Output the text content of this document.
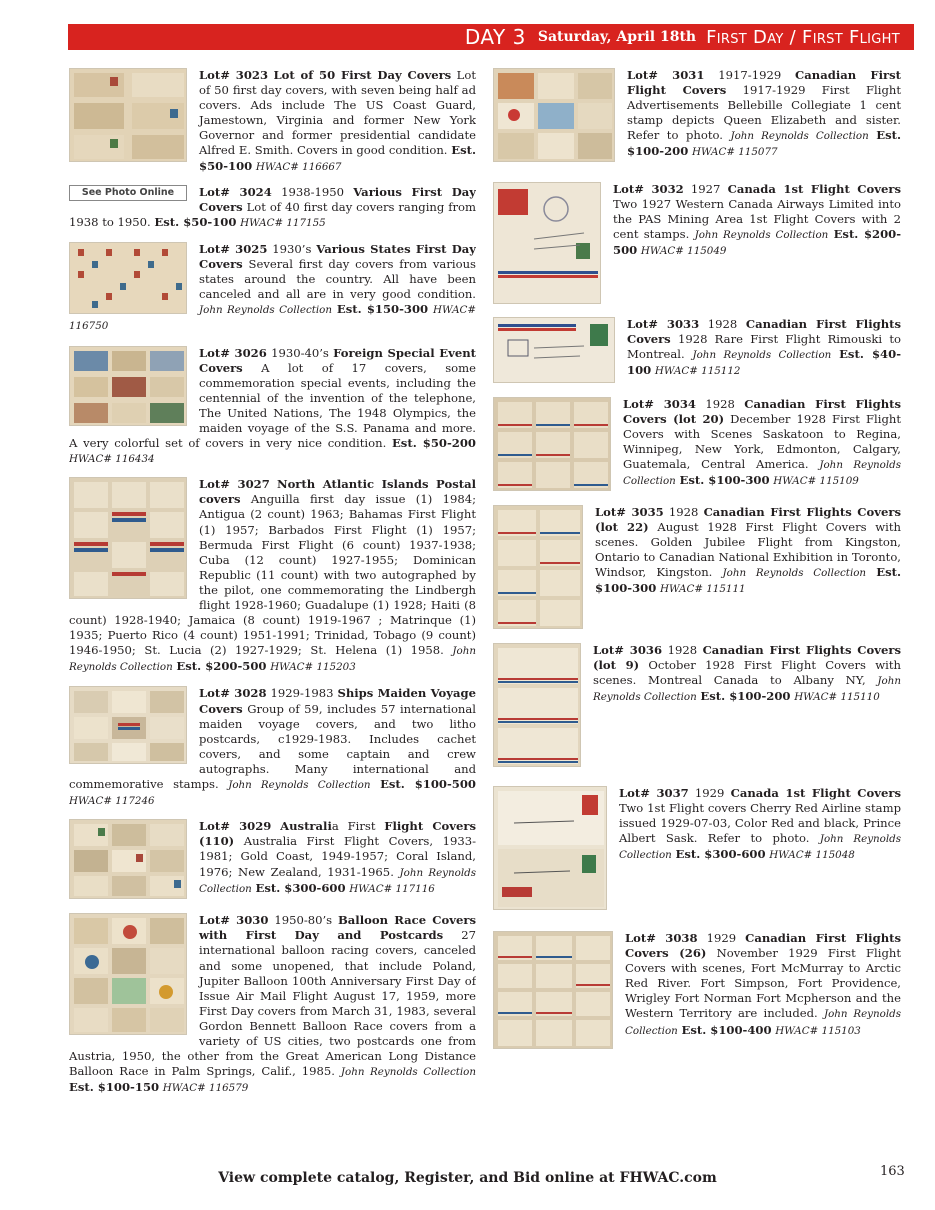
DAY 3 Saturday, April 18th First Day / First Flight
Lot# 3023 Lot of 50 First Day Covers Lot of 50 first day covers, with seven being half ad covers. Ads include The US Coast Guard, Jamestown, Virginia and former New York Governor and former presidential candidate Alfred E. Smith. Covers in good condition. Est. $50-100 HWAC# 116667
See Photo Online	Lot# 3024 1938-1950 Various First Day Covers Lot of 40 first day covers ranging from 1938 to 1950. Est. $50-100 HWAC# 117155
Lot# 3025 1930’s Various States First Day Covers Several first day covers from various states around the country. All have been canceled and all are in very good condition. John Reynolds Collection Est. $150-300 HWAC# 116750
Lot# 3026 1930-40’s Foreign Special Event Covers A lot of 17 covers, some commemoration special events, including the centennial of the invention of the telephone, The United Nations, The 1948 Olympics, the maiden voyage of the S.S. Panama and more. A very colorful set of covers in very nice condition. Est. $50-200 HWAC# 116434
Lot# 3027 North Atlantic Islands Postal covers Anguilla first day issue (1) 1984; Antigua (2 count) 1963; Bahamas First Flight (1) 1957; Barbados First Flight (1) 1957; Bermuda First Flight (6 count) 1937-1938; Cuba (12 count) 1927-1955; Dominican Republic (11 count) with two autographed by the pilot, one commemorating the Lindbergh flight 1928-1960; Guadalupe (1) 1928; Haiti (8 count) 1928-1940; Jamaica (8 count) 1919-1967 ; Matrinque (1) 1935; Puerto Rico (4 count) 1951-1991; Trinidad, Tobago (9 count) 1946-1950; St. Lucia (2) 1927-1929; St. Helena (1) 1958. John Reynolds Collection Est. $200-500 HWAC# 115203
Lot# 3028 1929-1983 Ships Maiden Voyage Covers Group of 59, includes 57 international maiden voyage covers, and two litho postcards, c1929-1983. Includes cachet covers, and some captain and crew autographs. Many international and commemorative stamps. John Reynolds Collection Est. $100-500 HWAC# 117246
Lot# 3029 Australia First Flight Covers (110) Australia First Flight Covers, 1933-1981; Gold Coast, 1949-1957; Coral Island, 1976; New Zealand, 1931-1965. John Reynolds Collection Est. $300-600 HWAC# 117116
Lot# 3030 1950-80’s Balloon Race Covers with First Day and Postcards 27 international balloon racing covers, canceled and some unopened, that include Poland, Jupiter Balloon 100th Anniversary First Day of Issue Air Mail Flight August 17, 1959, more First Day covers from March 31, 1983, several Gordon Bennett Balloon Race covers from a variety of US cities, two postcards one from Austria, 1950, the other from the Great American Long Distance Balloon Race in Palm Springs, Calif., 1985. John Reynolds Collection Est. $100-150 HWAC# 116579
Lot# 3031 1917-1929 Canadian First Flight Covers 1917-1929 First Flight Advertisements Bellebille Collegiate 1 cent stamp depicts Queen Elizabeth and sister. Refer to photo. John Reynolds Collection Est. $100-200 HWAC# 115077
Lot# 3032 1927 Canada 1st Flight Covers Two 1927 Western Canada Airways Limited into the PAS Mining Area 1st Flight Covers with 2 cent stamps. John Reynolds Collection Est. $200-500 HWAC# 115049
Lot# 3033 1928 Canadian First Flights Covers 1928 Rare First Flight Rimouski to Montreal. John Reynolds Collection Est. $40-100 HWAC# 115112
Lot# 3034 1928 Canadian First Flights Covers (lot 20) December 1928 First Flight Covers with Scenes Saskatoon to Regina, Winnipeg, New York, Edmonton, Calgary, Guatemala, Central America. John Reynolds Collection Est. $100-300 HWAC# 115109
Lot# 3035 1928 Canadian First Flights Covers (lot 22) August 1928 First Flight Covers with scenes. Golden Jubilee Flight from Kingston, Ontario to Canadian National Exhibition in Toronto, Windsor, Kingston. John Reynolds Collection Est. $100-300 HWAC# 115111
Lot# 3036 1928 Canadian First Flights Covers (lot 9) October 1928 First Flight Covers with scenes. Montreal Canada to Albany NY, John Reynolds Collection Est. $100-200 HWAC# 115110
Lot# 3037 1929 Canada 1st Flight Covers Two 1st Flight covers Cherry Red Airline stamp issued 1929-07-03, Color Red and black, Prince Albert Sask. Refer to photo. John Reynolds Collection Est. $300-600 HWAC# 115048
Lot# 3038 1929 Canadian First Flights Covers (26) November 1929 First Flight Covers with scenes, Fort McMurray to Arctic Red River. Fort Simpson, Fort Providence, Wrigley Fort Norman Fort Mcpherson and the Western Territory are included. John Reynolds Collection Est. $100-400 HWAC# 115103
View complete catalog, Register, and Bid online at FHWAC.com	163
